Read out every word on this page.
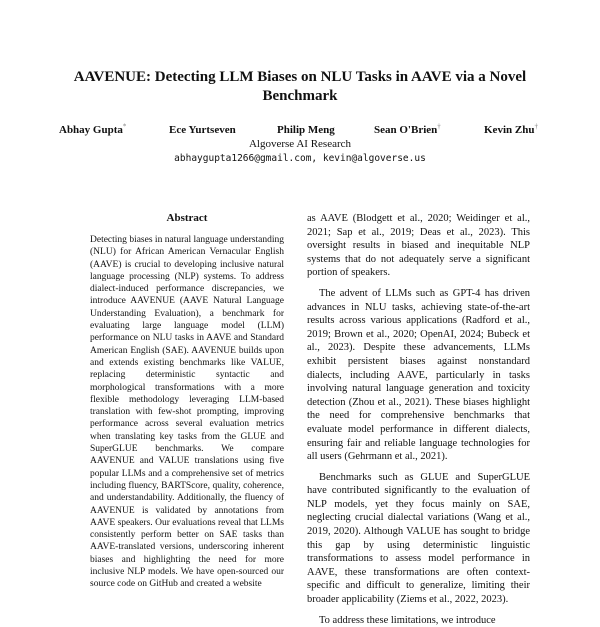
AAVENUE: Detecting LLM Biases on NLU Tasks in AAVE via a Novel Benchmark
Abhay Gupta*	Ece Yurtseven	Philip Meng	Sean O'Brien†	Kevin Zhu†
Algoverse AI Research
abhaygupta1266@gmail.com, kevin@algoverse.us
Abstract

Detecting biases in natural language understanding (NLU) for African American Vernacular English (AAVE) is crucial to developing inclusive natural language processing (NLP) systems. To address dialect-induced performance discrepancies, we introduce AAVENUE (AAVE Natural Language Understanding Evaluation), a benchmark for evaluating large language model (LLM) performance on NLU tasks in AAVE and Standard American English (SAE). AAVENUE builds upon and extends existing benchmarks like VALUE, replacing deterministic syntactic and morphological transformations with a more flexible methodology leveraging LLM-based translation with few-shot prompting, improving performance across several evaluation metrics when translating key tasks from the GLUE and SuperGLUE benchmarks. We compare AAVENUE and VALUE translations using five popular LLMs and a comprehensive set of metrics including fluency, BARTScore, quality, coherence, and understandability. Additionally, the fluency of AAVENUE is validated by annotations from AAVE speakers. Our evaluations reveal that LLMs consistently perform better on SAE tasks than AAVE-translated versions, underscoring inherent biases and highlighting the need for more inclusive NLP models. We have open-sourced our source code on GitHub and created a website

as AAVE (Blodgett et al., 2020; Weidinger et al., 2021; Sap et al., 2019; Deas et al., 2023). This oversight results in biased and inequitable NLP systems that do not adequately serve a significant portion of speakers.

The advent of LLMs such as GPT-4 has driven advances in NLU tasks, achieving state-of-the-art results across various applications (Radford et al., 2019; Brown et al., 2020; OpenAI, 2024; Bubeck et al., 2023). Despite these advancements, LLMs exhibit persistent biases against nonstandard dialects, including AAVE, particularly in tasks involving natural language generation and toxicity detection (Zhou et al., 2021). These biases highlight the need for comprehensive benchmarks that evaluate model performance in different dialects, ensuring fair and reliable language technologies for all users (Gehrmann et al., 2021).

Benchmarks such as GLUE and SuperGLUE have contributed significantly to the evaluation of NLP models, yet they focus mainly on SAE, neglecting crucial dialectal variations (Wang et al., 2019, 2020). Although VALUE has sought to bridge this gap by using deterministic linguistic transformations to assess model performance in AAVE, these transformations are often context-specific and difficult to generalize, limiting their broader applicability (Ziems et al., 2022, 2023).

To address these limitations, we introduce
